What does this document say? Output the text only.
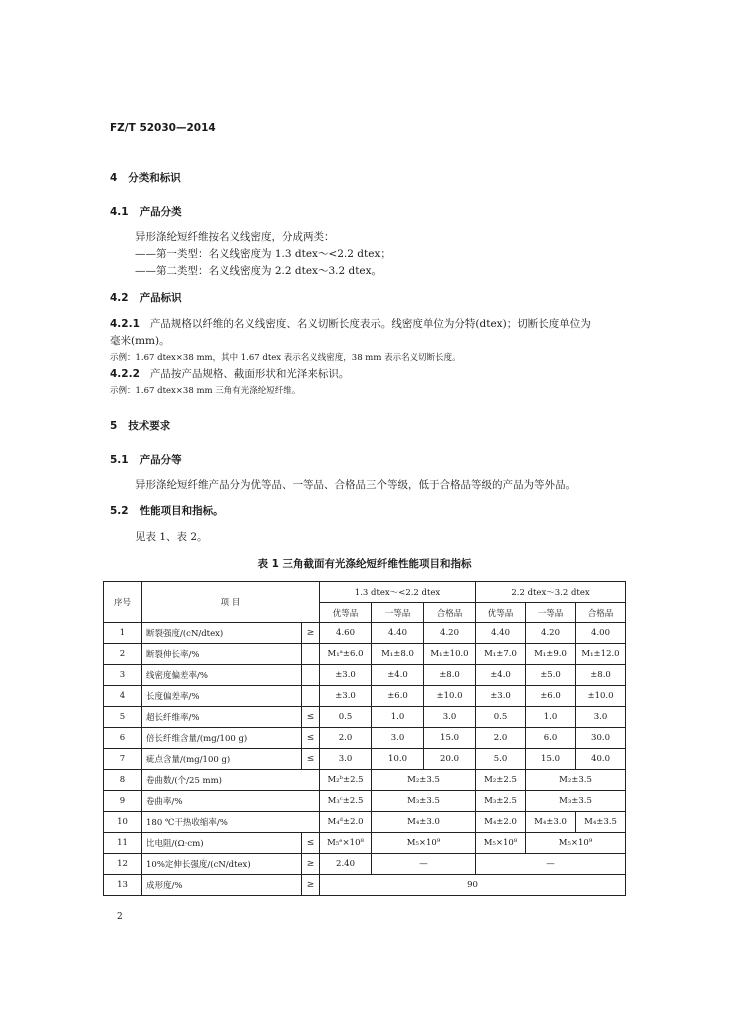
FZ/T 52030—2014
4 分类和标识
4.1 产品分类
异形涤纶短纤维按名义线密度，分成两类：
——第一类型：名义线密度为 1.3 dtex～<2.2 dtex；
——第二类型：名义线密度为 2.2 dtex～3.2 dtex。
4.2 产品标识
4.2.1 产品规格以纤维的名义线密度、名义切断长度表示。线密度单位为分特(dtex)；切断长度单位为
毫米(mm)。
示例：1.67 dtex×38 mm，其中 1.67 dtex 表示名义线密度，38 mm 表示名义切断长度。
4.2.2 产品按产品规格、截面形状和光泽来标识。
示例：1.67 dtex×38 mm 三角有光涤纶短纤维。
5 技术要求
5.1 产品分等
异形涤纶短纤维产品分为优等品、一等品、合格品三个等级，低于合格品等级的产品为等外品。
5.2 性能项目和指标。
见表 1、表 2。
表 1 三角截面有光涤纶短纤维性能项目和指标
序号	项 目		1.3 dtex～<2.2 dtex			2.2 dtex～3.2 dtex		
			优等品	一等品	合格品	优等品	一等品	合格品
1	断裂强度/(cN/dtex)	≥	4.60	4.40	4.20	4.40	4.20	4.00
2	断裂伸长率/%		M₁ᵃ±6.0	M₁±8.0	M₁±10.0	M₁±7.0	M₁±9.0	M₁±12.0
3	线密度偏差率/%		±3.0	±4.0	±8.0	±4.0	±5.0	±8.0
4	长度偏差率/%		±3.0	±6.0	±10.0	±3.0	±6.0	±10.0
5	超长纤维率/%	≤	0.5	1.0	3.0	0.5	1.0	3.0
6	倍长纤维含量/(mg/100 g)	≤	2.0	3.0	15.0	2.0	6.0	30.0
7	疵点含量/(mg/100 g)	≤	3.0	10.0	20.0	5.0	15.0	40.0
8	卷曲数/(个/25 mm)		M₂ᵇ±2.5	M₂±3.5		M₂±2.5	M₂±3.5	
9	卷曲率/%		M₃ᶜ±2.5	M₃±3.5		M₃±2.5	M₃±3.5	
10	180 ℃干热收缩率/%		M₄ᵈ±2.0	M₄±3.0		M₄±2.0	M₄±3.0	M₄±3.5
11	比电阻/(Ω·cm)	≤	M₅ᵉ×10⁸	M₅×10⁹		M₅×10⁸	M₅×10⁹	
12	10%定伸长强度/(cN/dtex)	≥	2.40	—		—		
13	成形度/%	≥	90					
2
